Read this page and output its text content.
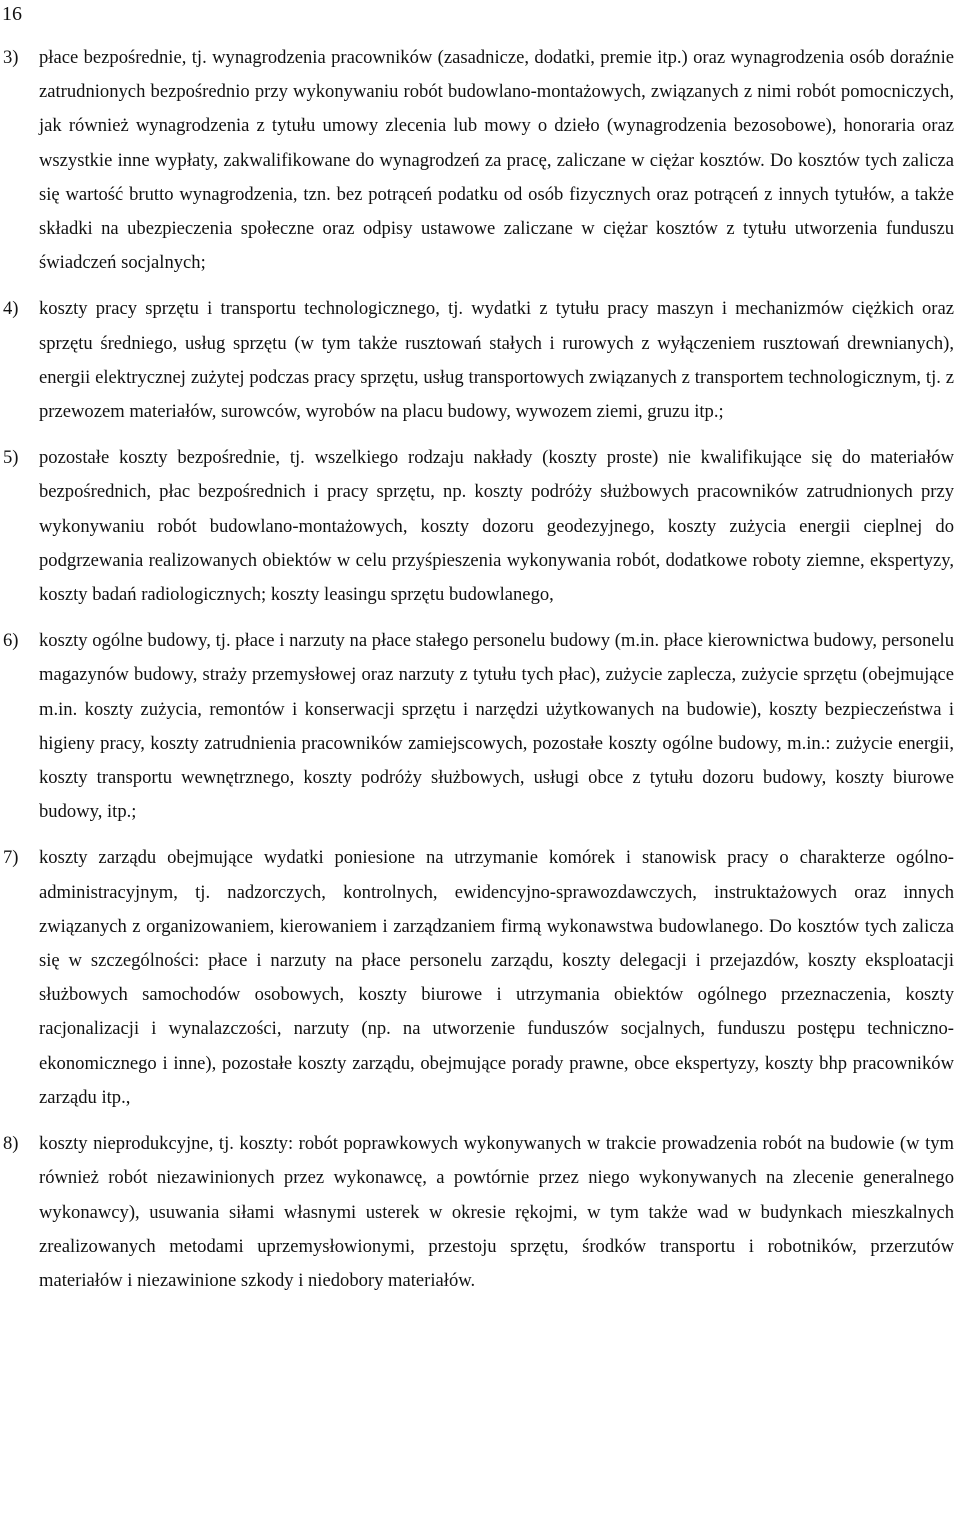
16
3) płace bezpośrednie, tj. wynagrodzenia pracowników (zasadnicze, dodatki, premie itp.) oraz wynagrodzenia osób doraźnie zatrudnionych bezpośrednio przy wykonywaniu robót budowlano-montażowych, związanych z nimi robót pomocniczych, jak również wynagrodzenia z tytułu umowy zlecenia lub mowy o dzieło (wynagrodzenia bezosobowe), honoraria oraz wszystkie inne wypłaty, zakwalifikowane do wynagrodzeń za pracę, zaliczane w ciężar kosztów. Do kosztów tych zalicza się wartość brutto wynagrodzenia, tzn. bez potrąceń podatku od osób fizycznych oraz potrąceń z innych tytułów, a także składki na ubezpieczenia społeczne oraz odpisy ustawowe zaliczane w ciężar kosztów z tytułu utworzenia funduszu świadczeń socjalnych;
4) koszty pracy sprzętu i transportu technologicznego, tj. wydatki z tytułu pracy maszyn i mechanizmów ciężkich oraz sprzętu średniego, usług sprzętu (w tym także rusztowań stałych i rurowych z wyłączeniem rusztowań drewnianych), energii elektrycznej zużytej podczas pracy sprzętu, usług transportowych związanych z transportem technologicznym, tj. z przewozem materiałów, surowców, wyrobów na placu budowy, wywozem ziemi, gruzu itp.;
5) pozostałe koszty bezpośrednie, tj. wszelkiego rodzaju nakłady (koszty proste) nie kwalifikujące się do materiałów bezpośrednich, płac bezpośrednich i pracy sprzętu, np. koszty podróży służbowych pracowników zatrudnionych przy wykonywaniu robót budowlano-montażowych, koszty dozoru geodezyjnego, koszty zużycia energii cieplnej do podgrzewania realizowanych obiektów w celu przyśpieszenia wykonywania robót, dodatkowe roboty ziemne, ekspertyzy, koszty badań radiologicznych; koszty leasingu sprzętu budowlanego,
6) koszty ogólne budowy, tj. płace i narzuty na płace stałego personelu budowy (m.in. płace kierownictwa budowy, personelu magazynów budowy, straży przemysłowej oraz narzuty z tytułu tych płac), zużycie zaplecza, zużycie sprzętu (obejmujące m.in. koszty zużycia, remontów i konserwacji sprzętu i narzędzi użytkowanych na budowie), koszty bezpieczeństwa i higieny pracy, koszty zatrudnienia pracowników zamiejscowych, pozostałe koszty ogólne budowy, m.in.: zużycie energii, koszty transportu wewnętrznego, koszty podróży służbowych, usługi obce z tytułu dozoru budowy, koszty biurowe budowy, itp.;
7) koszty zarządu obejmujące wydatki poniesione na utrzymanie komórek i stanowisk pracy o charakterze ogólno-administracyjnym, tj. nadzorczych, kontrolnych, ewidencyjno-sprawozdawczych, instruktażowych oraz innych związanych z organizowaniem, kierowaniem i zarządzaniem firmą wykonawstwa budowlanego. Do kosztów tych zalicza się w szczególności: płace i narzuty na płace personelu zarządu, koszty delegacji i przejazdów, koszty eksploatacji służbowych samochodów osobowych, koszty biurowe i utrzymania obiektów ogólnego przeznaczenia, koszty racjonalizacji i wynalazczości, narzuty (np. na utworzenie funduszów socjalnych, funduszu postępu techniczno-ekonomicznego i inne), pozostałe koszty zarządu, obejmujące porady prawne, obce ekspertyzy, koszty bhp pracowników zarządu itp.,
8) koszty nieprodukcyjne, tj. koszty: robót poprawkowych wykonywanych w trakcie prowadzenia robót na budowie (w tym również robót niezawinionych przez wykonawcę, a powtórnie przez niego wykonywanych na zlecenie generalnego wykonawcy), usuwania siłami własnymi usterek w okresie rękojmi, w tym także wad w budynkach mieszkalnych zrealizowanych metodami uprzemysłowionymi, przestoju sprzętu, środków transportu i robotników, przerzutów materiałów i niezawinione szkody i niedobory materiałów.
